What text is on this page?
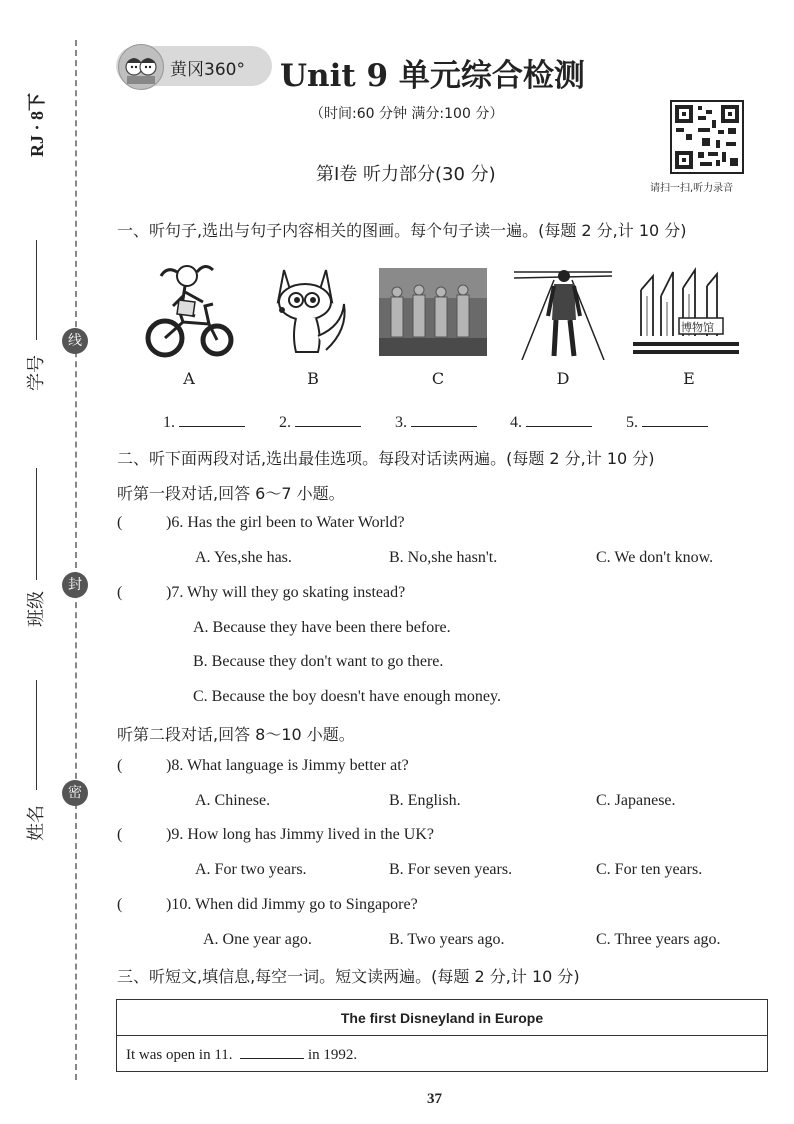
RJ · 8下
学号
班级
姓名
线
封
密
黄冈360° Unit 9 单元综合检测
（时间:60 分钟 满分:100 分）
请扫一扫,听力录音
第Ⅰ卷 听力部分(30 分)
一、听句子,选出与句子内容相关的图画。每个句子读一遍。(每题 2 分,计 10 分)
A	B	C	D
博物馆
E
1.	2.	3.	4.	5.
二、听下面两段对话,选出最佳选项。每段对话读两遍。(每题 2 分,计 10 分)
听第一段对话,回答 6～7 小题。
(	)6. Has the girl been to Water World?
A. Yes,she has.	B. No,she hasn't.	C. We don't know.
(	)7. Why will they go skating instead?
A. Because they have been there before.
B. Because they don't want to go there.
C. Because the boy doesn't have enough money.
听第二段对话,回答 8～10 小题。
(	)8. What language is Jimmy better at?
A. Chinese.	B. English.	C. Japanese.
(	)9. How long has Jimmy lived in the UK?
A. For two years.	B. For seven years.	C. For ten years.
(	)10. When did Jimmy go to Singapore?
A. One year ago.	B. Two years ago.	C. Three years ago.
三、听短文,填信息,每空一词。短文读两遍。(每题 2 分,计 10 分)
The first Disneyland in Europe
It was open in 11.	in 1992.
37
